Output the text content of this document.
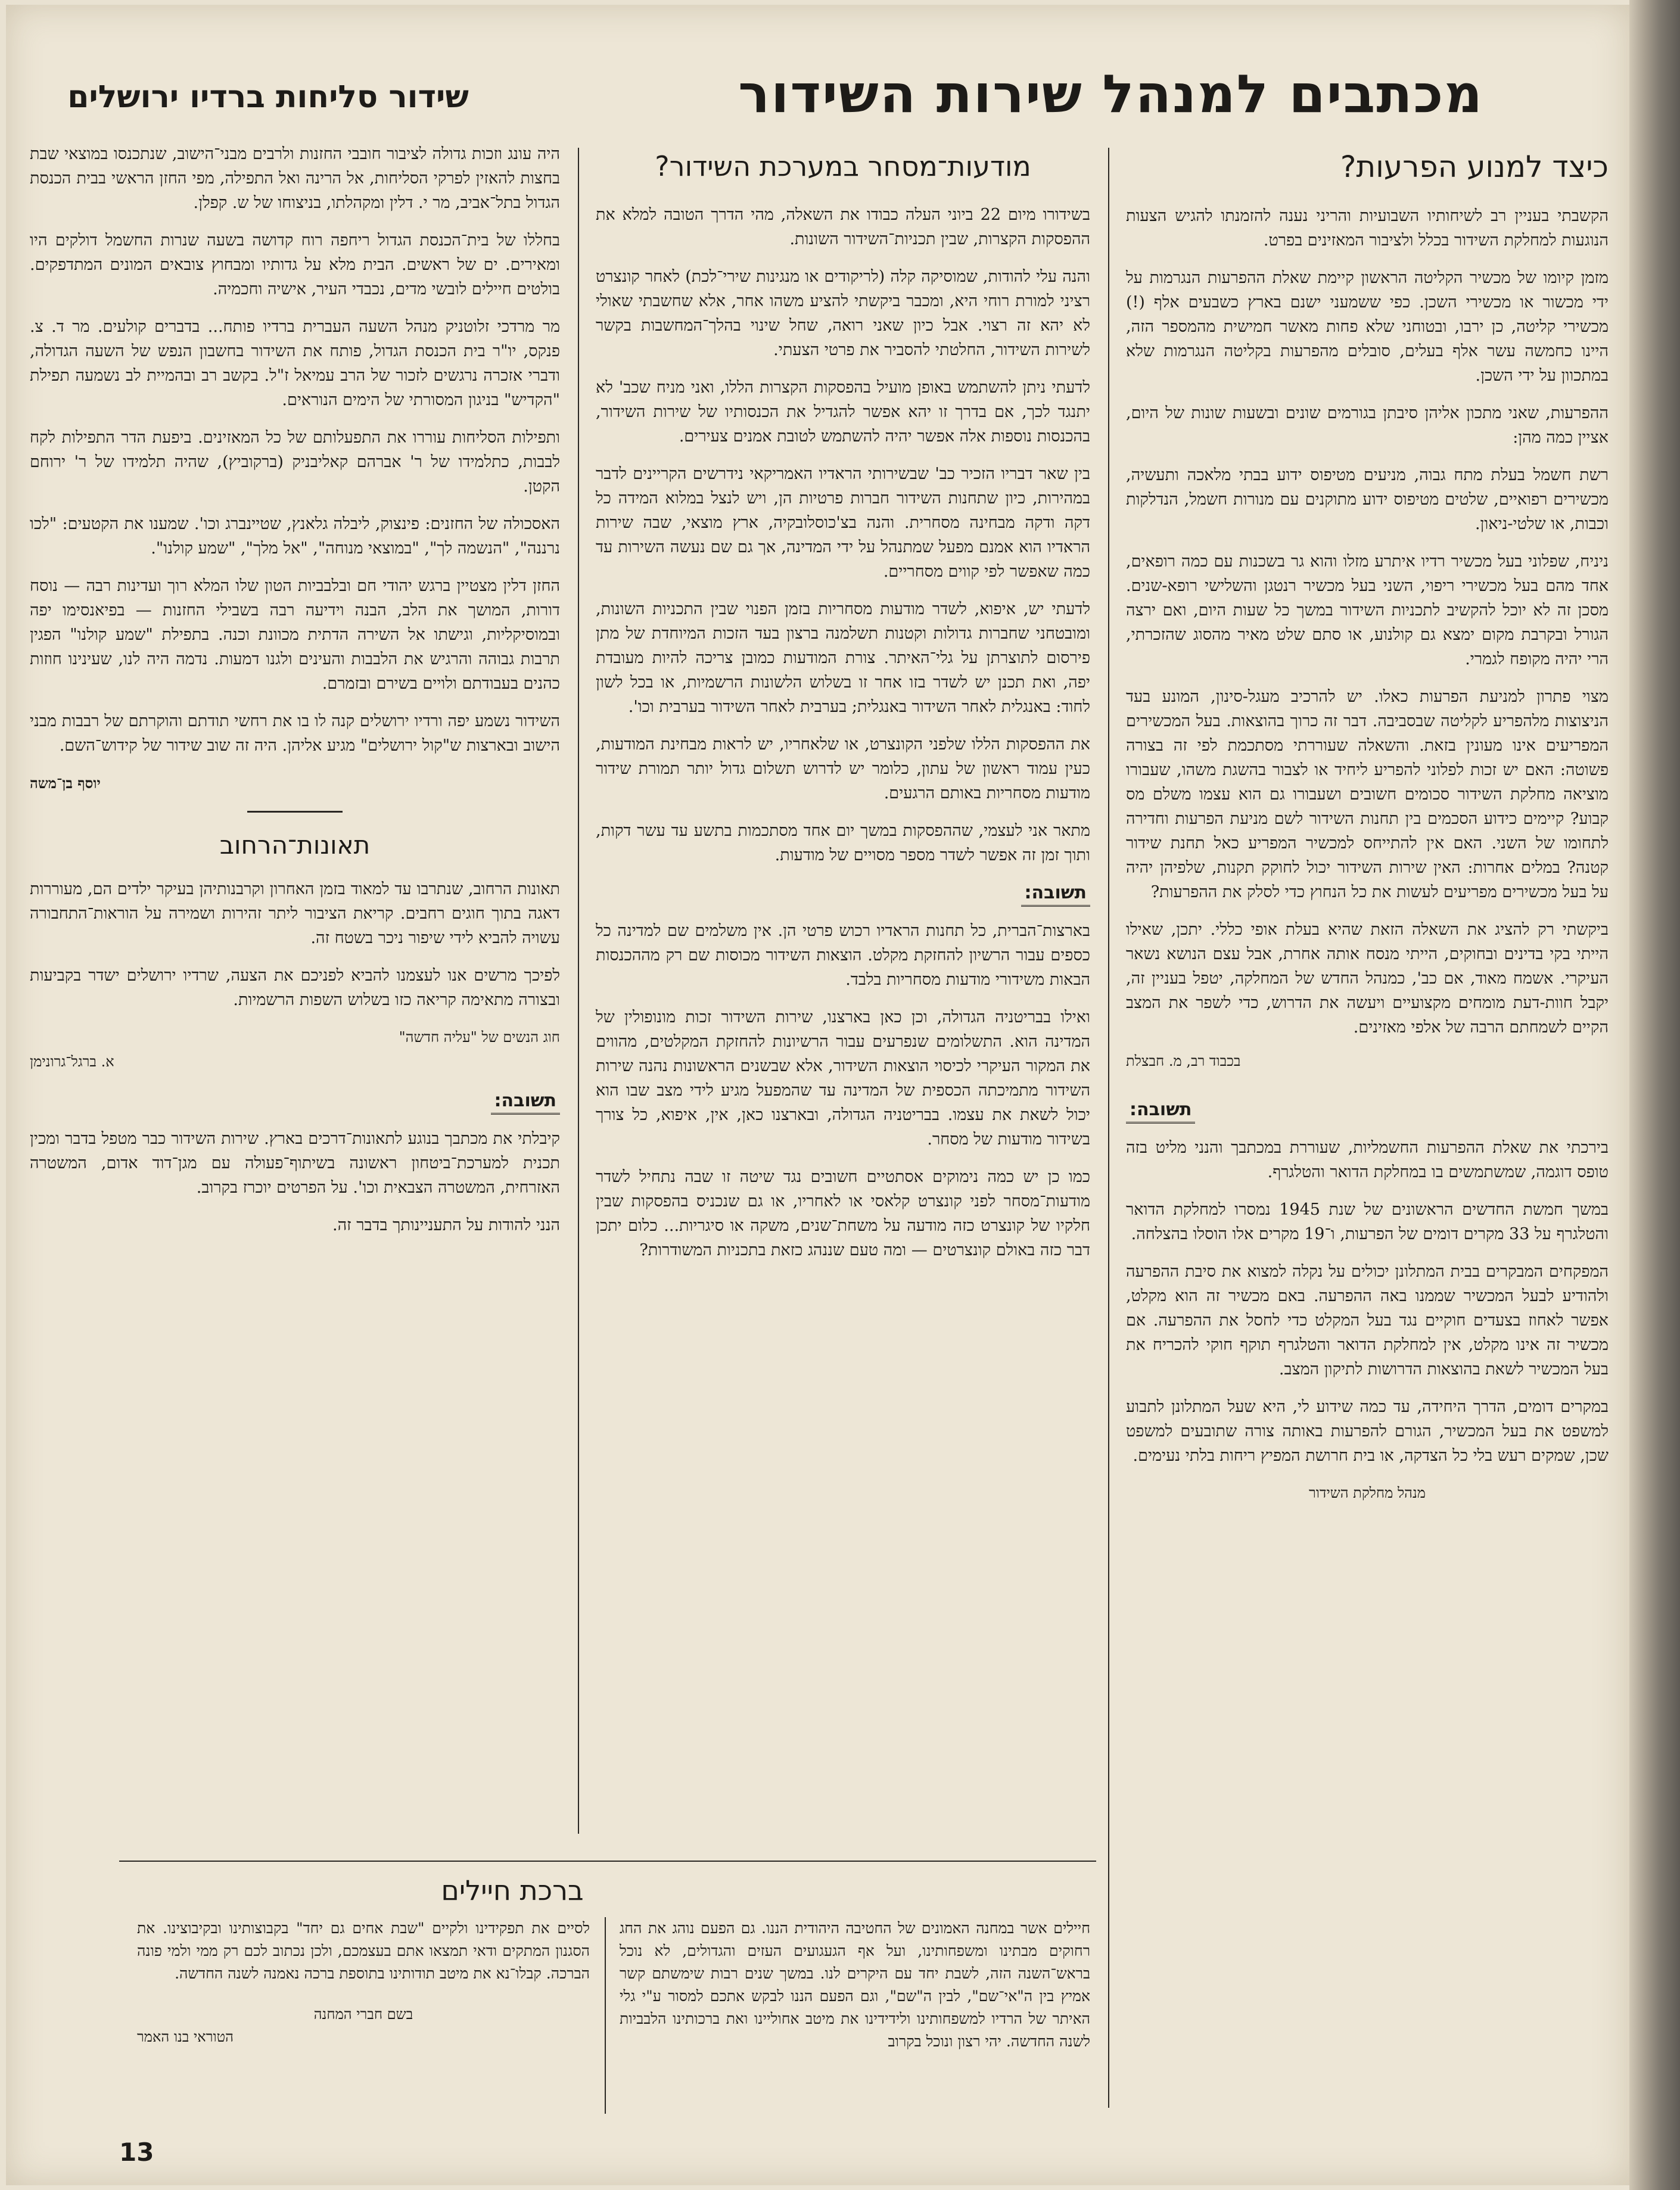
מכתבים למנהל שירות השידור
שידור סליחות ברדיו ירושלים
כיצד למנוע הפרעות?

הקשבתי בעניין רב לשיחותיו השבועיות והריני נענה להזמנתו להגיש הצעות הנוגעות למחלקת השידור בכלל ולציבור המאזינים בפרט.

מזמן קיומו של מכשיר הקליטה הראשון קיימת שאלת ההפרעות הנגרמות על ידי מכשור או מכשירי השכן. כפי ששמעני ישנם בארץ כשבעים אלף (!) מכשירי קליטה, כן ירבו, ובטוחני שלא פחות מאשר חמישית מהמספר הזה, היינו כחמשה עשר אלף בעלים, סובלים מהפרעות בקליטה הנגרמות שלא במתכוון על ידי השכן.

ההפרעות, שאני מתכון אליהן סיבתן בגורמים שונים ובשעות שונות של היום, אציין כמה מהן:

רשת חשמל בעלת מתח גבוה, מניעים מטיפוס ידוע בבתי מלאכה ותעשיה, מכשירים רפואיים, שלטים מטיפוס ידוע מתוקנים עם מנורות חשמל, הנדלקות וכבות, או שלטי-ניאון.

ניניח, שפלוני בעל מכשיר רדיו איתרע מזלו והוא גר בשכנות עם כמה רופאים, אחד מהם בעל מכשירי ריפוי, השני בעל מכשיר רנטגן והשלישי רופא-שנים. מסכן זה לא יוכל להקשיב לתכניות השידור במשך כל שעות היום, ואם ירצה הגורל ובקרבת מקום ימצא גם קולנוע, או סתם שלט מאיר מהסוג שהזכרתי, הרי יהיה מקופח לגמרי.

מצוי פתרון למניעת הפרעות כאלו. יש להרכיב מעגל-סינון, המונע בעד הניצוצות מלהפריע לקליטה שבסביבה. דבר זה כרוך בהוצאות. בעל המכשירים המפריעים אינו מעונין בזאת. והשאלה שעוררתי מסתכמת לפי זה בצורה פשוטה: האם יש זכות לפלוני להפריע ליחיד או לצבור בהשגת משהו, שעבורו מוציאה מחלקת השידור סכומים חשובים ושעבורו גם הוא עצמו משלם מס קבוע? קיימים כידוע הסכמים בין תחנות השידור לשם מניעת הפרעות וחדירה לתחומו של השני. האם אין להתייחס למכשיר המפריע כאל תחנת שידור קטנה? במלים אחרות: האין שירות השידור יכול לחוקק תקנות, שלפיהן יהיה על בעל מכשירים מפריעים לעשות את כל הנחוץ כדי לסלק את ההפרעות?

ביקשתי רק להציג את השאלה הזאת שהיא בעלת אופי כללי. יתכן, שאילו הייתי בקי בדינים ובחוקים, הייתי מנסח אותה אחרת, אבל עצם הנושא נשאר העיקרי. אשמח מאוד, אם כב', כמנהל החדש של המחלקה, יטפל בעניין זה, יקבל חוות-דעת מומחים מקצועיים ויעשה את הדרוש, כדי לשפר את המצב הקיים לשמחתם הרבה של אלפי מאזינים.

בכבוד רב, מ. חבצלת
תשובה:

בירכתי את שאלת ההפרעות החשמליות, שעוררת במכתבך והנני מליט בזה טופס דוגמה, שמשתמשים בו במחלקת הדואר והטלגרף.

במשך חמשת החדשים הראשונים של שנת 1945 נמסרו למחלקת הדואר והטלגרף על 33 מקרים דומים של הפרעות, ו־19 מקרים אלו הוסלו בהצלחה.

המפקחים המבקרים בבית המתלונן יכולים על נקלה למצוא את סיבת ההפרעה ולהודיע לבעל המכשיר שממנו באה ההפרעה. באם מכשיר זה הוא מקלט, אפשר לאחוז בצעדים חוקיים נגד בעל המקלט כדי לחסל את ההפרעה. אם מכשיר זה אינו מקלט, אין למחלקת הדואר והטלגרף תוקף חוקי להכריח את בעל המכשיר לשאת בהוצאות הדרושות לתיקון המצב.

במקרים דומים, הדרך היחידה, עד כמה שידוע לי, היא שעל המתלונן לתבוע למשפט את בעל המכשיר, הגורם להפרעות באותה צורה שתובעים למשפט שכן, שמקים רעש בלי כל הצדקה, או בית חרושת המפיץ ריחות בלתי נעימים.

מנהל מחלקת השידור
מודעות־מסחר במערכת השידור?

בשידורו מיום 22 ביוני העלה כבודו את השאלה, מהי הדרך הטובה למלא את ההפסקות הקצרות, שבין תכניות־השידור השונות.

והנה עלי להודות, שמוסיקה קלה (לריקודים או מנגינות שירי־לכת) לאחר קונצרט רציני למורת רוחי היא, ומכבר ביקשתי להציע משהו אחר, אלא שחשבתי שאולי לא יהא זה רצוי. אבל כיון שאני רואה, שחל שינוי בהלך־המחשבות בקשר לשירות השידור, החלטתי להסביר את פרטי הצעתי.

לדעתי ניתן להשתמש באופן מועיל בהפסקות הקצרות הללו, ואני מניח שכב' לא יתנגד לכך, אם בדרך זו יהא אפשר להגדיל את הכנסותיו של שירות השידור, בהכנסות נוספות אלה אפשר יהיה להשתמש לטובת אמנים צעירים.

בין שאר דבריו הזכיר כב' שבשירותי הראדיו האמריקאי נידרשים הקריינים לדבר במהירות, כיון שתחנות השידור חברות פרטיות הן, ויש לנצל במלוא המידה כל דקה ודקה מבחינה מסחרית. והנה בצ'כוסלובקיה, ארץ מוצאי, שבה שירות הראדיו הוא אמנם מפעל שמתנהל על ידי המדינה, אך גם שם נעשה השירות עד כמה שאפשר לפי קווים מסחריים.

לדעתי יש, איפוא, לשדר מודעות מסחריות בזמן הפנוי שבין התכניות השונות, ומובטחני שחברות גדולות וקטנות תשלמנה ברצון בעד הזכות המיוחדת של מתן פירסום לתוצרתן על גלי־האיתר. צורת המודעות כמובן צריכה להיות מעובדת יפה, ואת תכנן יש לשדר בזו אחר זו בשלוש הלשונות הרשמיות, או בכל לשון לחוד: באנגלית לאחר השידור באנגלית; בערבית לאחר השידור בערבית וכו'.

את ההפסקות הללו שלפני הקונצרט, או שלאחריו, יש לראות מבחינת המודעות, כעין עמוד ראשון של עתון, כלומר יש לדרוש תשלום גדול יותר תמורת שידור מודעות מסחריות באותם הרגעים.

מתאר אני לעצמי, שההפסקות במשך יום אחד מסתכמות בתשע עד עשר דקות, ותוך זמן זה אפשר לשדר מספר מסויים של מודעות.

תשובה:

בארצות־הברית, כל תחנות הראדיו רכוש פרטי הן. אין משלמים שם למדינה כל כספים עבור הרשיון להחזקת מקלט. הוצאות השידור מכוסות שם רק מההכנסות הבאות משידורי מודעות מסחריות בלבד.

ואילו בבריטניה הגדולה, וכן כאן בארצנו, שירות השידור זכות מונופולין של המדינה הוא. התשלומים שנפרעים עבור הרשיונות להחזקת המקלטים, מהווים את המקור העיקרי לכיסוי הוצאות השידור, אלא שבשנים הראשונות נהנה שירות השידור מתמיכתה הכספית של המדינה עד שהמפעל מגיע לידי מצב שבו הוא יכול לשאת את עצמו. בבריטניה הגדולה, ובארצנו כאן, אין, איפוא, כל צורך בשידור מודעות של מסחר.

כמו כן יש כמה נימוקים אסתטיים חשובים נגד שיטה זו שבה נתחיל לשדר מודעות־מסחר לפני קונצרט קלאסי או לאחריו, או גם שנכניס בהפסקות שבין חלקיו של קונצרט כזה מודעה על משחת־שנים, משקה או סיגריות... כלום יתכן דבר כזה באולם קונצרטים — ומה טעם שננהג כזאת בתכניות המשודרות?

היה עונג וזכות גדולה לציבור חובבי החזנות ולרבים מבני־הישוב, שנתכנסו במוצאי שבת בחצות להאזין לפרקי הסליחות, אל הרינה ואל התפילה, מפי החזן הראשי בבית הכנסת הגדול בתל־אביב, מר י. דלין ומקהלתו, בניצוחו של ש. קפלן.

בחללו של בית־הכנסת הגדול ריחפה רוח קדושה בשעה שנרות החשמל דולקים היו ומאירים. ים של ראשים. הבית מלא על גדותיו ומבחוץ צובאים המונים המתדפקים. בולטים חיילים לובשי מדים, נכבדי העיר, אישיה וחכמיה.

מר מרדכי זלוטניק מנהל השעה העברית ברדיו פותח... בדברים קולעים. מר ד. צ. פנקס, יו"ר בית הכנסת הגדול, פותח את השידור בחשבון הנפש של השעה הגדולה, ודברי אזכרה נרגשים לזכור של הרב עמיאל ז"ל. בקשב רב ובהמיית לב נשמעה תפילת "הקדיש" בניגון המסורתי של הימים הנוראים.

ותפילות הסליחות עוררו את התפעלותם של כל המאזינים. ביפעת הדר התפילות לקח לבבות, כתלמידו של ר' אברהם קאליבניק (ברקוביץ), שהיה תלמידו של ר' ירוחם הקטן.

האסכולה של החזנים: פינצוק, ליבלה גלאנץ, שטיינברג וכו'. שמענו את הקטעים: "לכו נרננה", "הנשמה לך", "במוצאי מנוחה", "אל מלך", "שמע קולנו".

החזן דלין מצטיין ברגש יהודי חם ובלבביות הטון שלו המלא רוך ועדינות רבה — נוסח דורות, המושך את הלב, הבנה וידיעה רבה בשבילי החזנות — בפיאנסימו יפה ובמוסיקליות, וגישתו אל השירה הדתית מכוונת וכנה. בתפילת "שמע קולנו" הפגין תרבות גבוהה והרגיש את הלבבות והעינים ולגנו דמעות. נדמה היה לנו, שעינינו חוזות כהנים בעבודתם ולויים בשירם ובזמרם.

השידור נשמע יפה ורדיו ירושלים קנה לו בו את רחשי תודתם והוקרתם של רבבות מבני הישוב ובארצות ש"קול ירושלים" מגיע אליהן. היה זה שוב שידור של קידוש־השם.

יוסף בן־משה
תאונות־הרחוב

תאונות הרחוב, שנתרבו עד למאוד בזמן האחרון וקרבנותיהן בעיקר ילדים הם, מעוררות דאגה בתוך חוגים רחבים. קריאת הציבור ליתר זהירות ושמירה על הוראות־התחבורה עשויה להביא לידי שיפור ניכר בשטח זה.

לפיכך מרשים אנו לעצמנו להביא לפניכם את הצעה, שרדיו ירושלים ישדר בקביעות ובצורה מתאימה קריאה כזו בשלוש השפות הרשמיות.

חוג הנשים של "עליה חדשה"
א. ברגל־גרונימן
תשובה:

קיבלתי את מכתבך בנוגע לתאונות־דרכים בארץ. שירות השידור כבר מטפל בדבר ומכין תכנית למערכת־ביטחון ראשונה בשיתוף־פעולה עם מגן־דוד אדום, המשטרה האזרחית, המשטרה הצבאית וכו'. על הפרטים יוכרז בקרוב.

הנני להודות על התעניינותך בדבר זה.

ברכת חיילים

חיילים אשר במחנה האמונים של החטיבה היהודית הננו. גם הפעם נוהג את החג רחוקים מבתינו ומשפחותינו, ועל אף הגעגועים העזים והגדולים, לא נוכל בראש־השנה הזה, לשבת יחד עם היקרים לנו. במשך שנים רבות שימשתם קשר אמיץ בין ה"אי־שם", לבין ה"שם", וגם הפעם הננו לבקש אתכם למסור ע"י גלי האיתר של הרדיו למשפחותינו ולידידינו את מיטב אחוליינו ואת ברכותינו הלבביות לשנה החדשה. יהי רצון ונוכל בקרוב

לסיים את תפקידינו ולקיים "שבת אחים גם יחד" בקבוצותינו ובקיבוצינו. את הסגנון המתקים ודאי תמצאו אתם בעצמכם, ולכן נכתוב לכם רק ממי ולמי פונה הברכה. קבלו־נא את מיטב תודותינו בתוספת ברכה נאמנה לשנה החדשה.

בשם חברי המחנה
הטוראי בנו האמר
13
